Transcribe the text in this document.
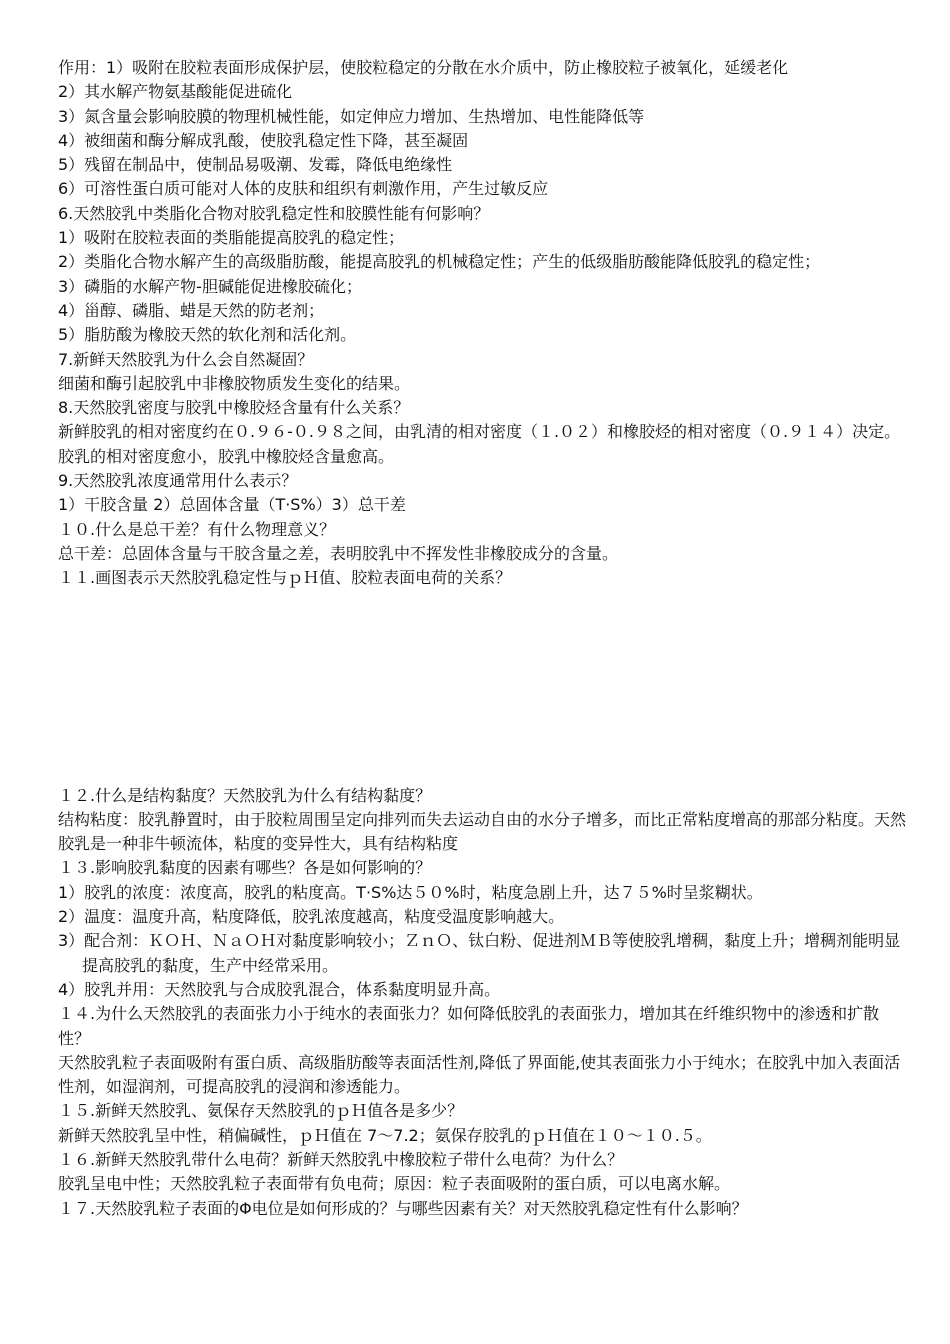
作用：1）吸附在胶粒表面形成保护层，使胶粒稳定的分散在水介质中，防止橡胶粒子被氧化，延缓老化

2）其水解产物氨基酸能促进硫化

3）氮含量会影响胶膜的物理机械性能，如定伸应力增加、生热增加、电性能降低等

4）被细菌和酶分解成乳酸，使胶乳稳定性下降，甚至凝固

5）残留在制品中，使制品易吸潮、发霉，降低电绝缘性

6）可溶性蛋白质可能对人体的皮肤和组织有刺激作用，产生过敏反应

6.天然胶乳中类脂化合物对胶乳稳定性和胶膜性能有何影响？

1）吸附在胶粒表面的类脂能提高胶乳的稳定性；

2）类脂化合物水解产生的高级脂肪酸，能提高胶乳的机械稳定性；产生的低级脂肪酸能降低胶乳的稳定性；

3）磷脂的水解产物-胆碱能促进橡胶硫化；

4）甾醇、磷脂、蜡是天然的防老剂；

5）脂肪酸为橡胶天然的软化剂和活化剂。

7.新鲜天然胶乳为什么会自然凝固？

细菌和酶引起胶乳中非橡胶物质发生变化的结果。

8.天然胶乳密度与胶乳中橡胶烃含量有什么关系？

新鲜胶乳的相对密度约在０.９６-０.９８之间，由乳清的相对密度（１.０２）和橡胶烃的相对密度（０.９１４）决定。胶乳的相对密度愈小，胶乳中橡胶烃含量愈高。

9.天然胶乳浓度通常用什么表示？

1）干胶含量 2）总固体含量（T·S%）3）总干差

１０.什么是总干差？有什么物理意义？

总干差：总固体含量与干胶含量之差，表明胶乳中不挥发性非橡胶成分的含量。

１１.画图表示天然胶乳稳定性与ｐＨ值、胶粒表面电荷的关系？

１２.什么是结构黏度？天然胶乳为什么有结构黏度？

结构粘度：胶乳静置时，由于胶粒周围呈定向排列而失去运动自由的水分子增多，而比正常粘度增高的那部分粘度。天然胶乳是一种非牛顿流体，粘度的变异性大，具有结构粘度

１３.影响胶乳黏度的因素有哪些？各是如何影响的？

1）胶乳的浓度：浓度高，胶乳的粘度高。T·S%达５０%时，粘度急剧上升，达７５%时呈浆糊状。

2）温度：温度升高，粘度降低，胶乳浓度越高，粘度受温度影响越大。

3）配合剂：ＫＯＨ、ＮａＯＨ对黏度影响较小；ＺｎＯ、钛白粉、促进剂ＭＢ等使胶乳增稠，黏度上升；增稠剂能明显提高胶乳的黏度，生产中经常采用。

4）胶乳并用：天然胶乳与合成胶乳混合，体系黏度明显升高。

１４.为什么天然胶乳的表面张力小于纯水的表面张力？如何降低胶乳的表面张力，增加其在纤维织物中的渗透和扩散性？

天然胶乳粒子表面吸附有蛋白质、高级脂肪酸等表面活性剂,降低了界面能,使其表面张力小于纯水；在胶乳中加入表面活性剂，如湿润剂，可提高胶乳的浸润和渗透能力。

１５.新鲜天然胶乳、氨保存天然胶乳的ｐＨ值各是多少？

新鲜天然胶乳呈中性，稍偏碱性，ｐＨ值在 7～7.2；氨保存胶乳的ｐＨ值在１０～１０.５。

１６.新鲜天然胶乳带什么电荷？新鲜天然胶乳中橡胶粒子带什么电荷？为什么？

胶乳呈电中性；天然胶乳粒子表面带有负电荷；原因：粒子表面吸附的蛋白质，可以电离水解。

１７.天然胶乳粒子表面的Φ电位是如何形成的？与哪些因素有关？对天然胶乳稳定性有什么影响？
